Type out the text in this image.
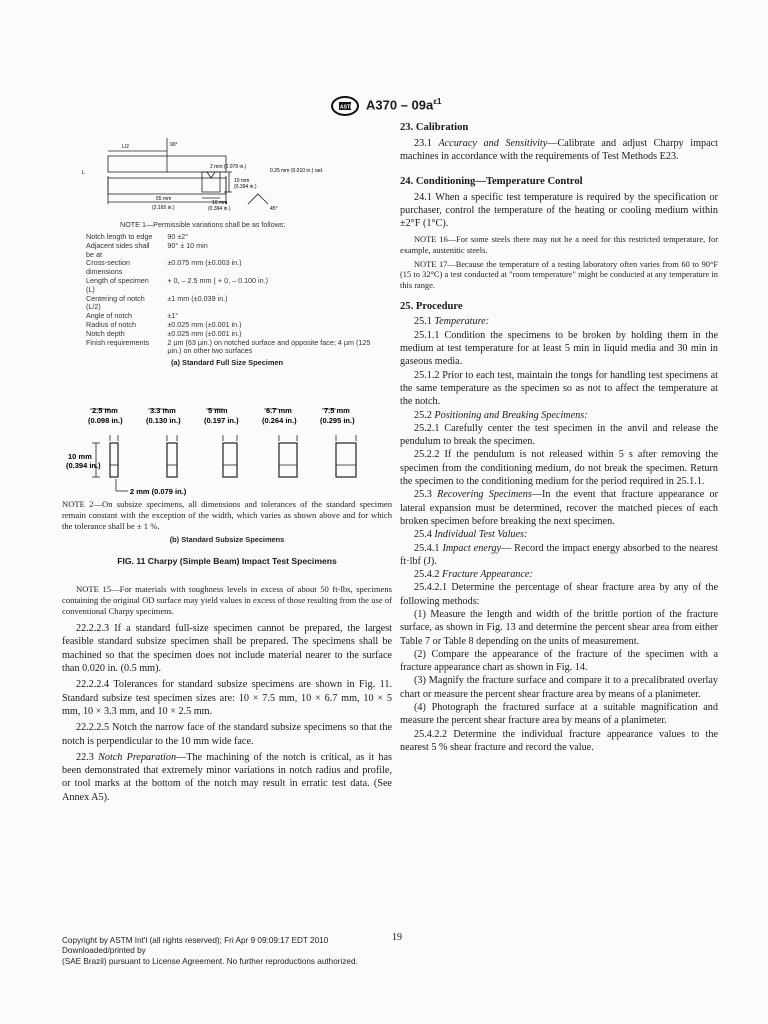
ASTM $A370 - 09a^{\varepsilon 1}$
90°
L/2
L
55 mm
(2.165 in.)
2 mm (0.079 in.)
10 mm
(0.394 in.)
0.25 mm (0.010 in.) rad.
10 mm
(0.394 in.)	45°

NOTE 1—Permissible variations shall be as follows:

Notch length to edge	90 ±2°
Adjacent sides shall be at	90° ± 10 min
Cross-section dimensions	±0.075 mm (±0.003 in.)
Length of specimen (L)	+ 0, – 2.5 mm ( + 0, – 0.100 in.)
Centering of notch (L/2)	±1 mm (±0.039 in.)
Angle of notch	±1°
Radius of notch	±0.025 mm (±0.001 in.)
Notch depth	±0.025 mm (±0.001 in.)
Finish requirements	2 µm (63 µin.) on notched surface and opposite face; 4 µm (125 µin.) on other two surfaces

(a) Standard Full Size Specimen

2.5 mm
(0.098 in.)
3.3 mm
(0.130 in.)
5 mm
(0.197 in.)
6.7 mm
(0.264 in.)
7.5 mm
(0.295 in.)
10 mm
(0.394 in.)
2 mm (0.079 in.)

NOTE 2—On subsize specimens, all dimensions and tolerances of the standard specimen remain constant with the exception of the width, which varies as shown above and for which the tolerance shall be ± 1 %.

(b) Standard Subsize Specimens

FIG. 11 Charpy (Simple Beam) Impact Test Specimens

NOTE 15—For materials with toughness levels in excess of about 50 ft-lbs, specimens containing the original OD surface may yield values in excess of those resulting from the use of conventional Charpy specimens.

22.2.2.3 If a standard full-size specimen cannot be prepared, the largest feasible standard subsize specimen shall be prepared. The specimens shall be machined so that the specimen does not include material nearer to the surface than 0.020 in. (0.5 mm).

22.2.2.4 Tolerances for standard subsize specimens are shown in Fig. 11. Standard subsize test specimen sizes are: 10 × 7.5 mm, 10 × 6.7 mm, 10 × 5 mm, 10 × 3.3 mm, and 10 × 2.5 mm.

22.2.2.5 Notch the narrow face of the standard subsize specimens so that the notch is perpendicular to the 10 mm wide face.

22.3 Notch Preparation—The machining of the notch is critical, as it has been demonstrated that extremely minor variations in notch radius and profile, or tool marks at the bottom of the notch may result in erratic test data. (See Annex A5).

23. Calibration

23.1 Accuracy and Sensitivity—Calibrate and adjust Charpy impact machines in accordance with the requirements of Test Methods E23.

24. Conditioning—Temperature Control

24.1 When a specific test temperature is required by the specification or purchaser, control the temperature of the heating or cooling medium within ±2°F (1°C).

NOTE 16—For some steels there may not be a need for this restricted temperature, for example, austenitic steels.

NOTE 17—Because the temperature of a testing laboratory often varies from 60 to 90°F (15 to 32°C) a test conducted at "room temperature" might be conducted at any temperature in this range.

25. Procedure

25.1 Temperature:

25.1.1 Condition the specimens to be broken by holding them in the medium at test temperature for at least 5 min in liquid media and 30 min in gaseous media.

25.1.2 Prior to each test, maintain the tongs for handling test specimens at the same temperature as the specimen so as not to affect the temperature at the notch.

25.2 Positioning and Breaking Specimens:

25.2.1 Carefully center the test specimen in the anvil and release the pendulum to break the specimen.

25.2.2 If the pendulum is not released within 5 s after removing the specimen from the conditioning medium, do not break the specimen. Return the specimen to the conditioning medium for the period required in 25.1.1.

25.3 Recovering Specimens—In the event that fracture appearance or lateral expansion must be determined, recover the matched pieces of each broken specimen before breaking the next specimen.

25.4 Individual Test Values:

25.4.1 Impact energy— Record the impact energy absorbed to the nearest ft·lbf (J).

25.4.2 Fracture Appearance:

25.4.2.1 Determine the percentage of shear fracture area by any of the following methods:

(1) Measure the length and width of the brittle portion of the fracture surface, as shown in Fig. 13 and determine the percent shear area from either Table 7 or Table 8 depending on the units of measurement.

(2) Compare the appearance of the fracture of the specimen with a fracture appearance chart as shown in Fig. 14.

(3) Magnify the fracture surface and compare it to a precalibrated overlay chart or measure the percent shear fracture area by means of a planimeter.

(4) Photograph the fractured surface at a suitable magnification and measure the percent shear fracture area by means of a planimeter.

25.4.2.2 Determine the individual fracture appearance values to the nearest 5 % shear fracture and record the value.

19

Copyright by ASTM Int'l (all rights reserved); Fri Apr 9 09:09:17 EDT 2010

Downloaded/printed by

(SAE Brazil) pursuant to License Agreement. No further reproductions authorized.
